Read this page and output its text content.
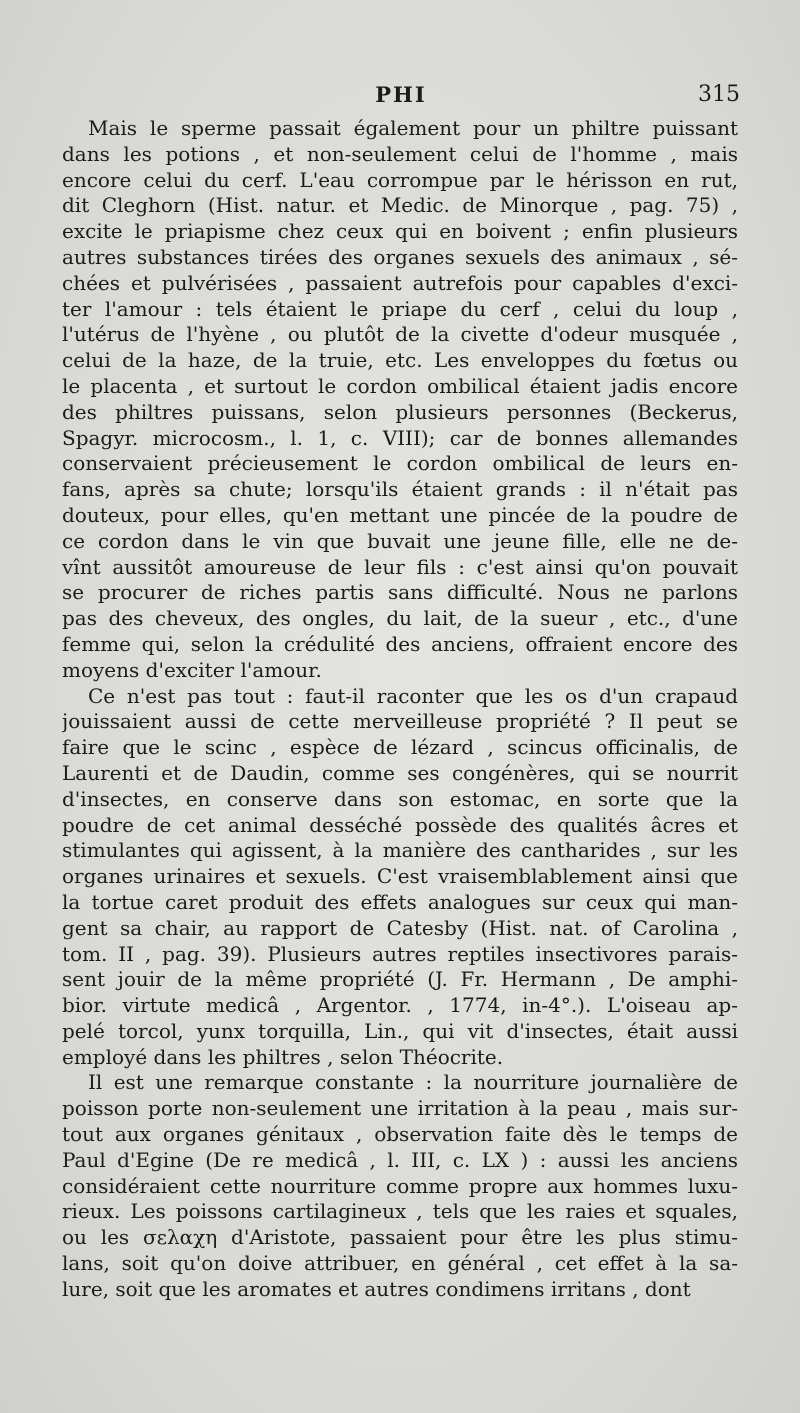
PHI	315
Mais le sperme passait également pour un philtre puissant
dans les potions , et non-seulement celui de l'homme , mais
encore celui du cerf. L'eau corrompue par le hérisson en rut,
dit Cleghorn (Hist. natur. et Medic. de Minorque , pag. 75) ,
excite le priapisme chez ceux qui en boivent ; enfin plusieurs
autres substances tirées des organes sexuels des animaux , sé-
chées et pulvérisées , passaient autrefois pour capables d'exci-
ter l'amour : tels étaient le priape du cerf , celui du loup ,
l'utérus de l'hyène , ou plutôt de la civette d'odeur musquée ,
celui de la haze, de la truie, etc. Les enveloppes du fœtus ou
le placenta , et surtout le cordon ombilical étaient jadis encore
des philtres puissans, selon plusieurs personnes (Beckerus,
Spagyr. microcosm., l. 1, c. VIII); car de bonnes allemandes
conservaient précieusement le cordon ombilical de leurs en-
fans, après sa chute; lorsqu'ils étaient grands : il n'était pas
douteux, pour elles, qu'en mettant une pincée de la poudre de
ce cordon dans le vin que buvait une jeune fille, elle ne de-
vînt aussitôt amoureuse de leur fils : c'est ainsi qu'on pouvait
se procurer de riches partis sans difficulté. Nous ne parlons
pas des cheveux, des ongles, du lait, de la sueur , etc., d'une
femme qui, selon la crédulité des anciens, offraient encore des
moyens d'exciter l'amour.
Ce n'est pas tout : faut-il raconter que les os d'un crapaud
jouissaient aussi de cette merveilleuse propriété ? Il peut se
faire que le scinc , espèce de lézard , scincus officinalis, de
Laurenti et de Daudin, comme ses congénères, qui se nourrit
d'insectes, en conserve dans son estomac, en sorte que la
poudre de cet animal desséché possède des qualités âcres et
stimulantes qui agissent, à la manière des cantharides , sur les
organes urinaires et sexuels. C'est vraisemblablement ainsi que
la tortue caret produit des effets analogues sur ceux qui man-
gent sa chair, au rapport de Catesby (Hist. nat. of Carolina ,
tom. II , pag. 39). Plusieurs autres reptiles insectivores parais-
sent jouir de la même propriété (J. Fr. Hermann , De amphi-
bior. virtute medicâ , Argentor. , 1774, in-4°.). L'oiseau ap-
pelé torcol, yunx torquilla, Lin., qui vit d'insectes, était aussi
employé dans les philtres , selon Théocrite.
Il est une remarque constante : la nourriture journalière de
poisson porte non-seulement une irritation à la peau , mais sur-
tout aux organes génitaux , observation faite dès le temps de
Paul d'Egine (De re medicâ , l. III, c. LX ) : aussi les anciens
considéraient cette nourriture comme propre aux hommes luxu-
rieux. Les poissons cartilagineux , tels que les raies et squales,
ou les σελαχη d'Aristote, passaient pour être les plus stimu-
lans, soit qu'on doive attribuer, en général , cet effet à la sa-
lure, soit que les aromates et autres condimens irritans , dont
